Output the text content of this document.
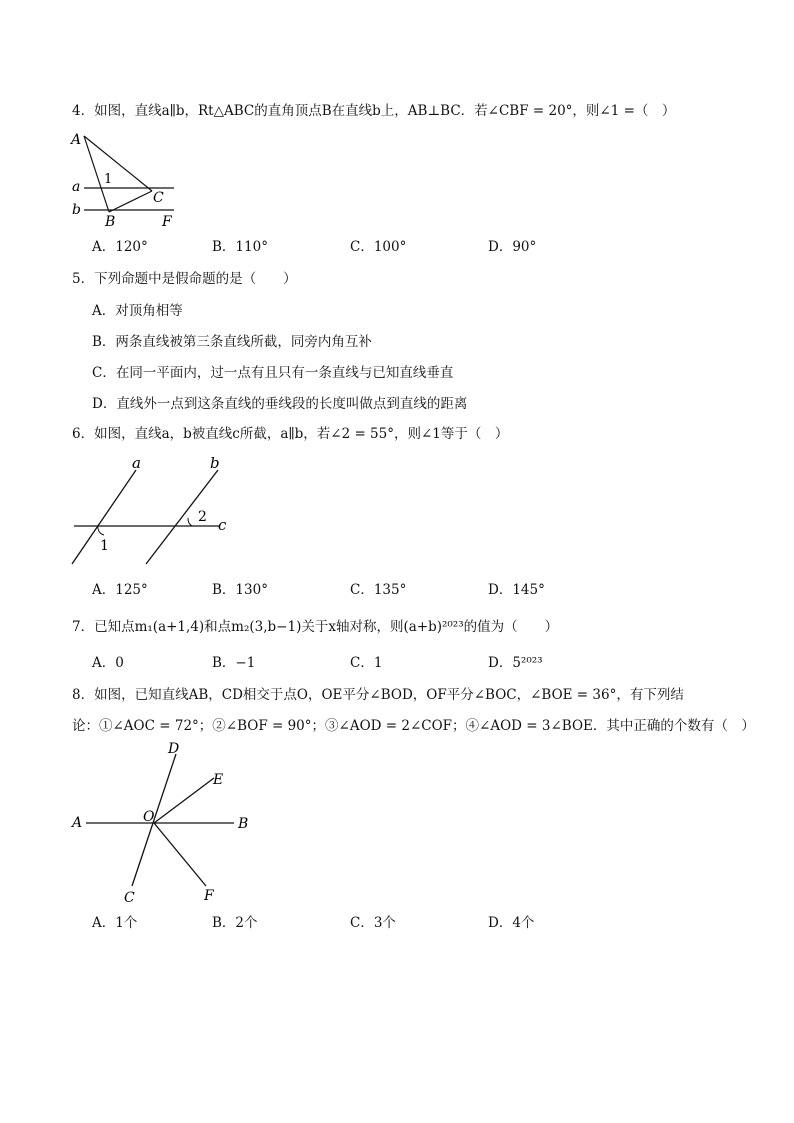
4．如图，直线a∥b，Rt△ABC的直角顶点B在直线b上，AB⊥BC．若∠CBF = 20°，则∠1 =（　）
A
a 1
C
b
B	F
A．120°	B．110°	C．100°	D．90°
5．下列命题中是假命题的是（　　）
A．对顶角相等
B．两条直线被第三条直线所截，同旁内角互补
C．在同一平面内，过一点有且只有一条直线与已知直线垂直
D．直线外一点到这条直线的垂线段的长度叫做点到直线的距离
6．如图，直线a，b被直线c所截，a∥b，若∠2 = 55°，则∠1等于（　）
a	b
2 c
1
A．125°	B．130°	C．135°	D．145°
7．已知点m₁(a+1,4)和点m₂(3,b−1)关于x轴对称，则(a+b)²⁰²³的值为（　　）
A．0	B．−1	C．1	D．5²⁰²³
8．如图，已知直线AB，CD相交于点O，OE平分∠BOD，OF平分∠BOC，∠BOE = 36°，有下列结
论：①∠AOC = 72°；②∠BOF = 90°；③∠AOD = 2∠COF；④∠AOD = 3∠BOE．其中正确的个数有（　）
D
E
A	O	B
C	F
A．1个	B．2个	C．3个	D．4个
